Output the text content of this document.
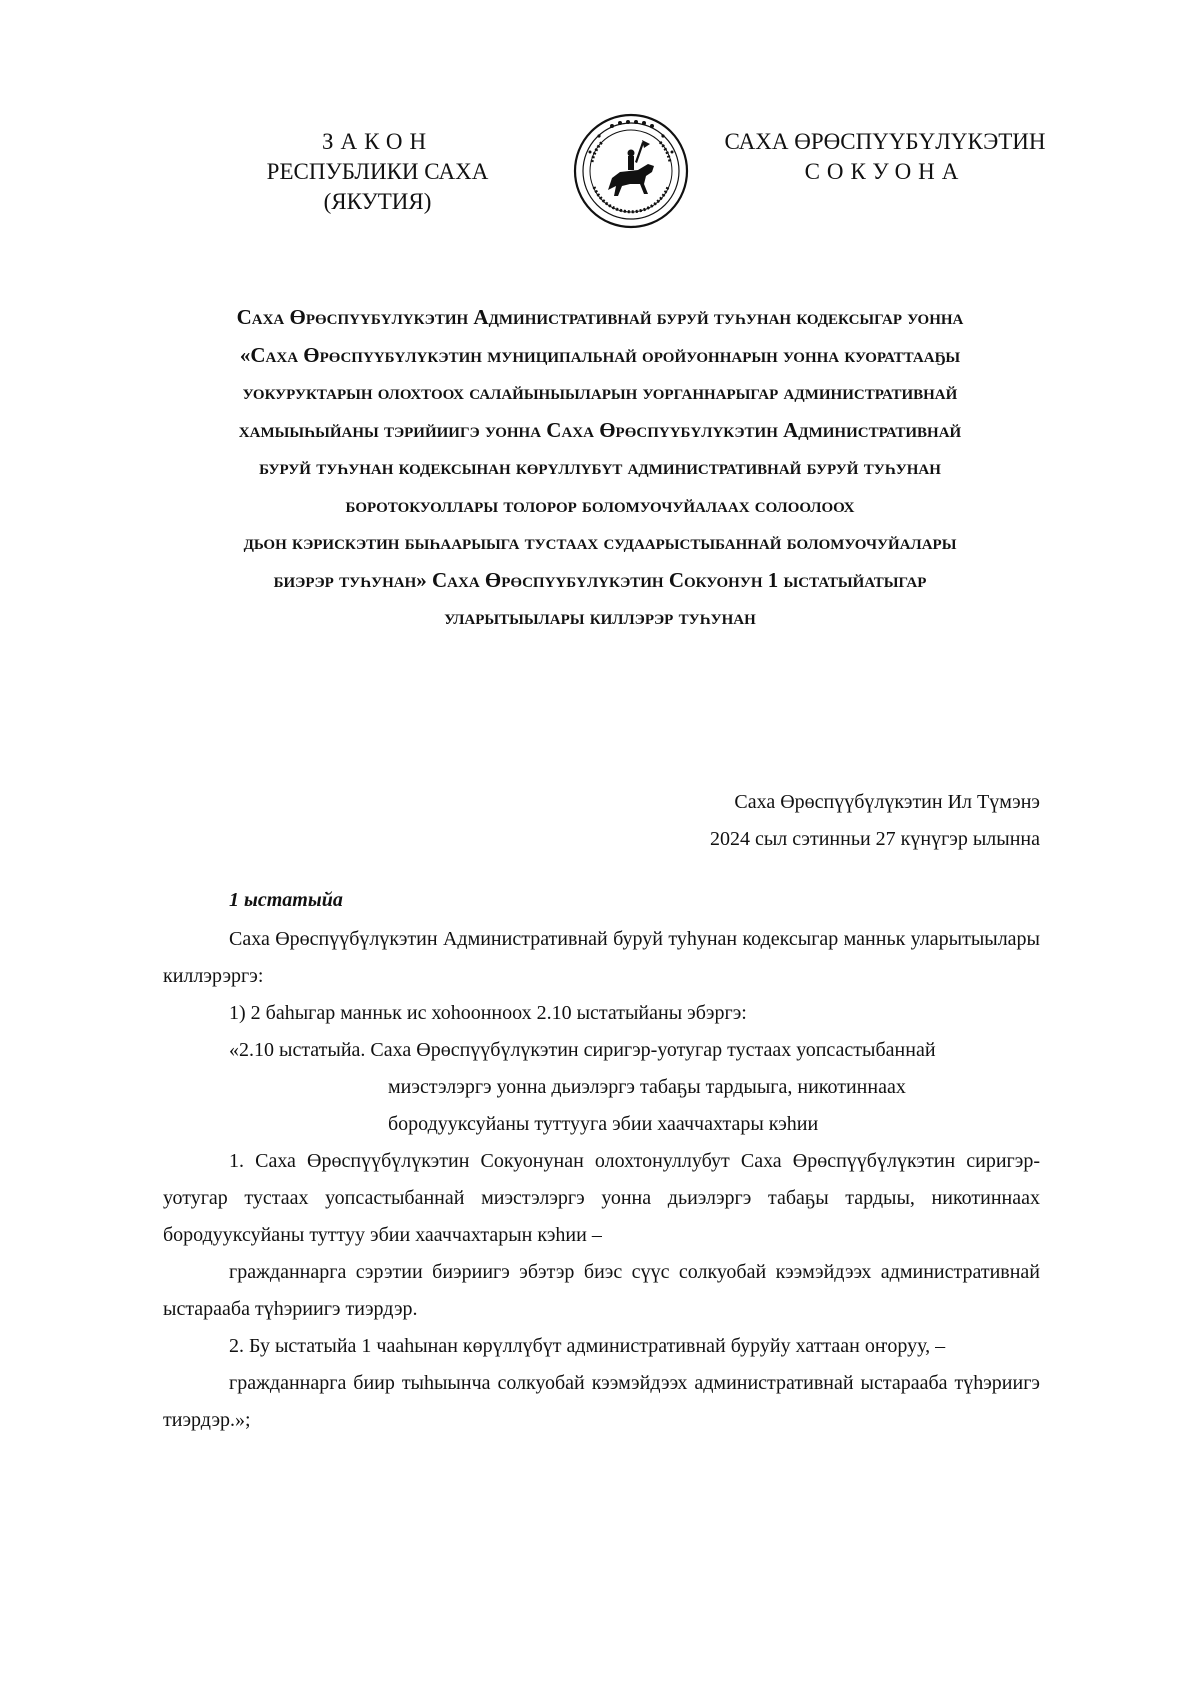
ЗАКОН
РЕСПУБЛИКИ САХА (ЯКУТИЯ)
САХА ӨРӨСПҮҮБҮЛҮКЭТИН
СОКУОНА
Саха Өрөспүүбүлүкэтин Административнай буруй туһунан кодексыгар уонна
«Саха Өрөспүүбүлүкэтин муниципальнай оройуоннарын уонна куораттааҕы
уокуруктарын олохтоох салайыныыларын уорганнарыгар административнай
хамыыһыйаны тэрийиигэ уонна Саха Өрөспүүбүлүкэтин Административнай
буруй туһунан кодексынан көрүллүбүт административнай буруй туһунан
боротокуоллары толорор боломуочуйалаах солоолоох
дьон кэрискэтин быһаарыыга тустаах судаарыстыбаннай боломуочуйалары
биэрэр туһунан» Саха Өрөспүүбүлүкэтин Сокуонун 1 ыстатыйатыгар
уларытыылары киллэрэр туһунан
Саха Өрөспүүбүлүкэтин Ил Түмэнэ
2024 сыл сэтинньи 27 күнүгэр ылынна
1 ыстатыйа
Саха Өрөспүүбүлүкэтин Административнай буруй туһунан кодексыгар манньк уларытыылары киллэрэргэ:
1) 2 баһыгар манньк ис хоһоонноох 2.10 ыстатыйаны эбэргэ:
«2.10 ыстатыйа. Саха Өрөспүүбүлүкэтин сиригэр-уотугар тустаах уопсастыбаннай
миэстэлэргэ уонна дьиэлэргэ табаҕы тардыыга, никотиннаах
бородууксуйаны туттууга эбии хааччахтары кэһии
1. Саха Өрөспүүбүлүкэтин Сокуонунан олохтонуллубут Саха Өрөспүүбүлүкэтин сиригэр-уотугар тустаах уопсастыбаннай миэстэлэргэ уонна дьиэлэргэ табаҕы тардыы, никотиннаах бородууксуйаны туттуу эбии хааччахтарын кэһии –
гражданнарга сэрэтии биэриигэ эбэтэр биэс сүүс солкуобай кээмэйдээх административнай ыстарааба түһэриигэ тиэрдэр.
2. Бу ыстатыйа 1 чааһынан көрүллүбүт административнай буруйу хаттаан оҥоруу, –
гражданнарга биир тыһыынча солкуобай кээмэйдээх административнай ыстарааба түһэриигэ тиэрдэр.»;
